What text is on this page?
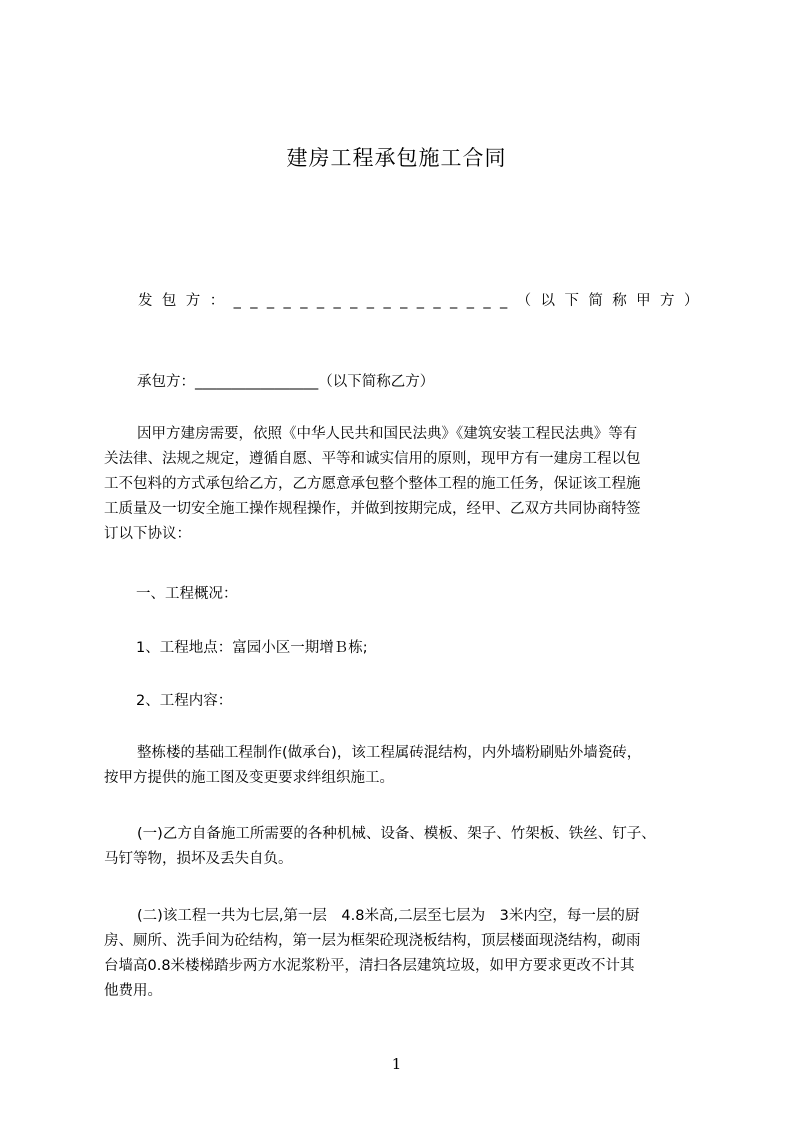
建房工程承包施工合同
发包方：_________________（以下简称甲方）
承包方：_________________（以下简称乙方）
因甲方建房需要，依照《中华人民共和国民法典》《建筑安装工程民法典》等有
关法律、法规之规定，遵循自愿、平等和诚实信用的原则，现甲方有一建房工程以包
工不包料的方式承包给乙方，乙方愿意承包整个整体工程的施工任务，保证该工程施
工质量及一切安全施工操作规程操作，并做到按期完成，经甲、乙双方共同协商特签
订以下协议：
一、工程概况：
1、工程地点：富园小区一期增Ｂ栋;
2、工程内容：
整栋楼的基础工程制作(做承台)，该工程属砖混结构，内外墙粉刷贴外墙瓷砖，
按甲方提供的施工图及变更要求绊组织施工。
(一)乙方自备施工所需要的各种机械、设备、模板、架子、竹架板、铁丝、钉子、
马钉等物，损坏及丢失自负。
(二)该工程一共为七层,第一层　4.8米高,二层至七层为　3米内空，每一层的厨
房、厕所、洗手间为砼结构，第一层为框架砼现浇板结构，顶层楼面现浇结构，砌雨
台墙高0.8米楼梯踏步两方水泥浆粉平，清扫各层建筑垃圾，如甲方要求更改不计其
他费用。
1
